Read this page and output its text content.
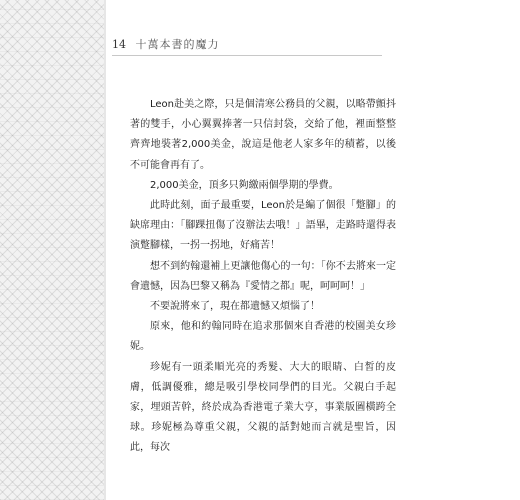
14 十萬本書的魔力

Leon赴美之際，只是個清寒公務員的父親，以略帶顫抖著的雙手，小心翼翼捧著一只信封袋，交給了他，裡面整整齊齊地裝著2,000美金，說這是他老人家多年的積蓄，以後不可能會再有了。

2,000美金，頂多只夠繳兩個學期的學費。

此時此刻，面子最重要，Leon於是編了個很「蹩腳」的缺席理由：「腳踝扭傷了沒辦法去哦！」語畢，走路時還得表演蹩腳樣，一拐一拐地，好痛苦！

想不到約翰還補上更讓他傷心的一句：「你不去將來一定會遺憾，因為巴黎又稱為『愛情之都』呢，呵呵呵！」

不要說將來了，現在都遺憾又煩惱了！

原來，他和約翰同時在追求那個來自香港的校園美女珍妮。

珍妮有一頭柔順光亮的秀髮、大大的眼睛、白皙的皮膚，低調優雅，總是吸引學校同學們的目光。父親白手起家，埋頭苦幹，終於成為香港電子業大亨，事業版圖橫跨全球。珍妮極為尊重父親，父親的話對她而言就是聖旨，因此，每次
